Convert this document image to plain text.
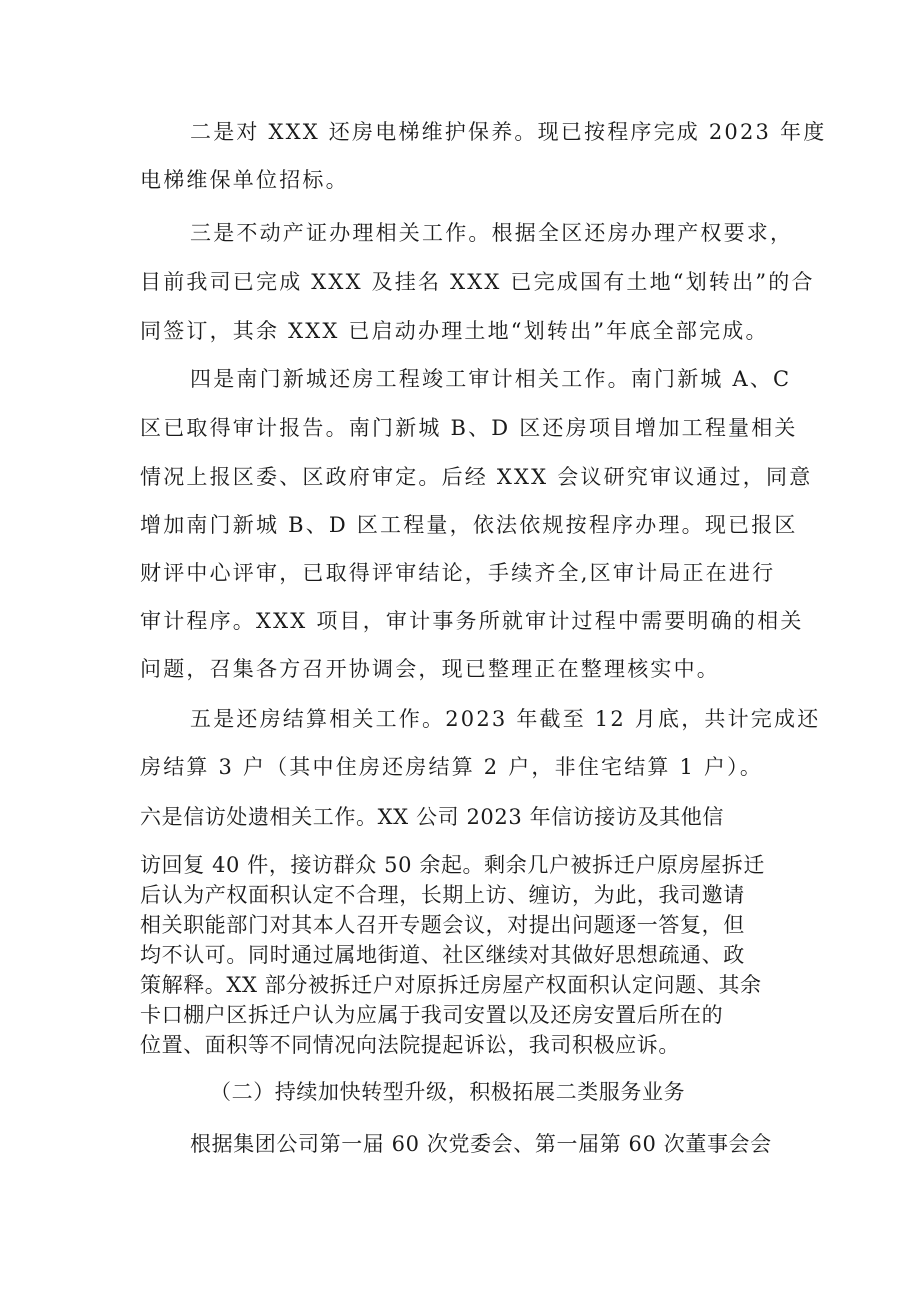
二是对 XXX 还房电梯维护保养。现已按程序完成 2023 年度
电梯维保单位招标。
三是不动产证办理相关工作。根据全区还房办理产权要求，
目前我司已完成 XXX 及挂名 XXX 已完成国有土地“划转出”的合
同签订，其余 XXX 已启动办理土地“划转出”年底全部完成。
四是南门新城还房工程竣工审计相关工作。南门新城 A、C
区已取得审计报告。南门新城 B、D 区还房项目增加工程量相关
情况上报区委、区政府审定。后经 XXX 会议研究审议通过，同意
增加南门新城 B、D 区工程量，依法依规按程序办理。现已报区
财评中心评审，已取得评审结论，手续齐全,区审计局正在进行
审计程序。XXX 项目，审计事务所就审计过程中需要明确的相关
问题，召集各方召开协调会，现已整理正在整理核实中。
五是还房结算相关工作。2023 年截至 12 月底，共计完成还
房结算 3 户（其中住房还房结算 2 户，非住宅结算 1 户）。
六是信访处遗相关工作。XX 公司 2023 年信访接访及其他信
访回复 40 件，接访群众 50 余起。剩余几户被拆迁户原房屋拆迁
后认为产权面积认定不合理，长期上访、缠访，为此，我司邀请
相关职能部门对其本人召开专题会议，对提出问题逐一答复，但
均不认可。同时通过属地街道、社区继续对其做好思想疏通、政
策解释。XX 部分被拆迁户对原拆迁房屋产权面积认定问题、其余
卡口棚户区拆迁户认为应属于我司安置以及还房安置后所在的
位置、面积等不同情况向法院提起诉讼，我司积极应诉。
（二）持续加快转型升级，积极拓展二类服务业务
根据集团公司第一届 60 次党委会、第一届第 60 次董事会会
